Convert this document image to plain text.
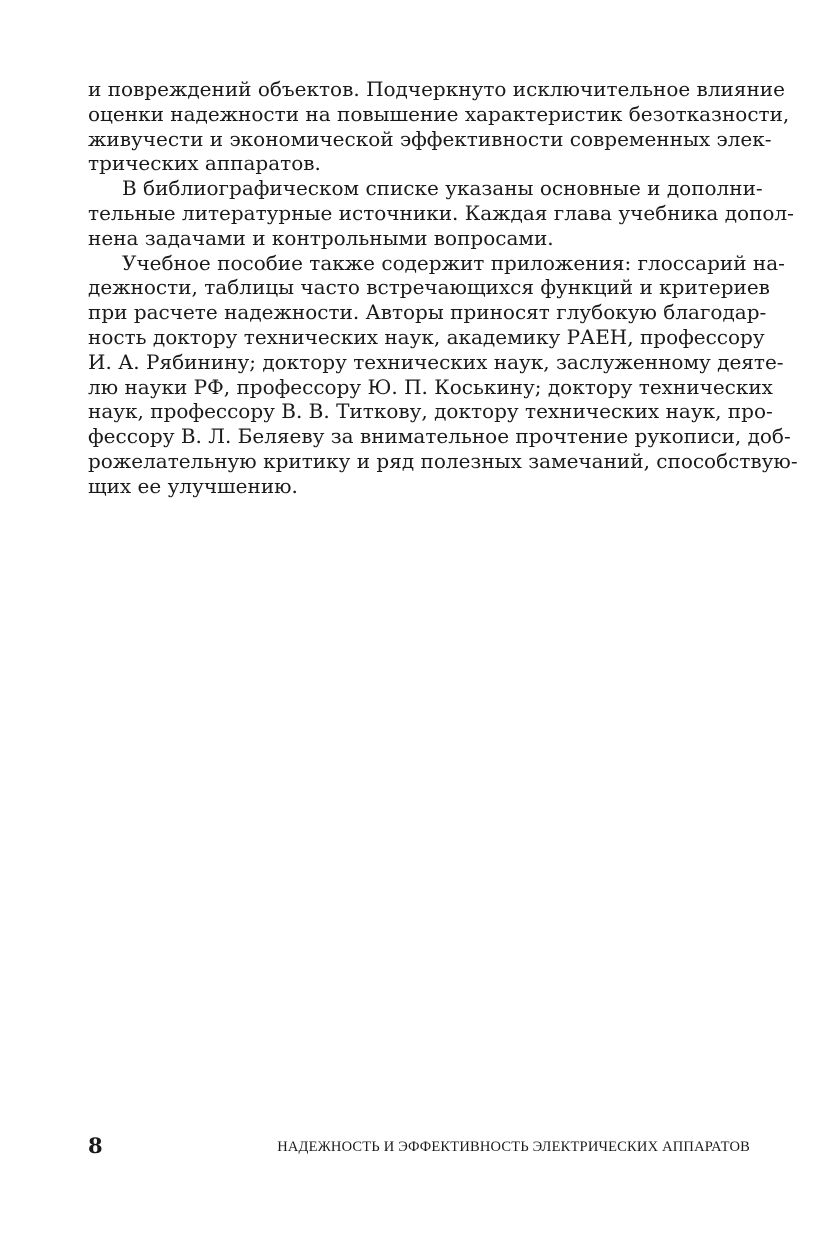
и повреждений объектов. Подчеркнуто исключительное влияние
оценки надежности на повышение характеристик безотказности,
живучести и экономической эффективности современных элек-
трических аппаратов.
В библиографическом списке указаны основные и дополни-
тельные литературные источники. Каждая глава учебника допол-
нена задачами и контрольными вопросами.
Учебное пособие также содержит приложения: глоссарий на-
дежности, таблицы часто встречающихся функций и критериев
при расчете надежности. Авторы приносят глубокую благодар-
ность доктору технических наук, академику РАЕН, профессору
И. А. Рябинину; доктору технических наук, заслуженному деяте-
лю науки РФ, профессору Ю. П. Коськину; доктору технических
наук, профессору В. В. Титкову, доктору технических наук, про-
фессору В. Л. Беляеву за внимательное прочтение рукописи, доб-
рожелательную критику и ряд полезных замечаний, способствую-
щих ее улучшению.
8	НАДЕЖНОСТЬ И ЭФФЕКТИВНОСТЬ ЭЛЕКТРИЧЕСКИХ АППАРАТОВ
